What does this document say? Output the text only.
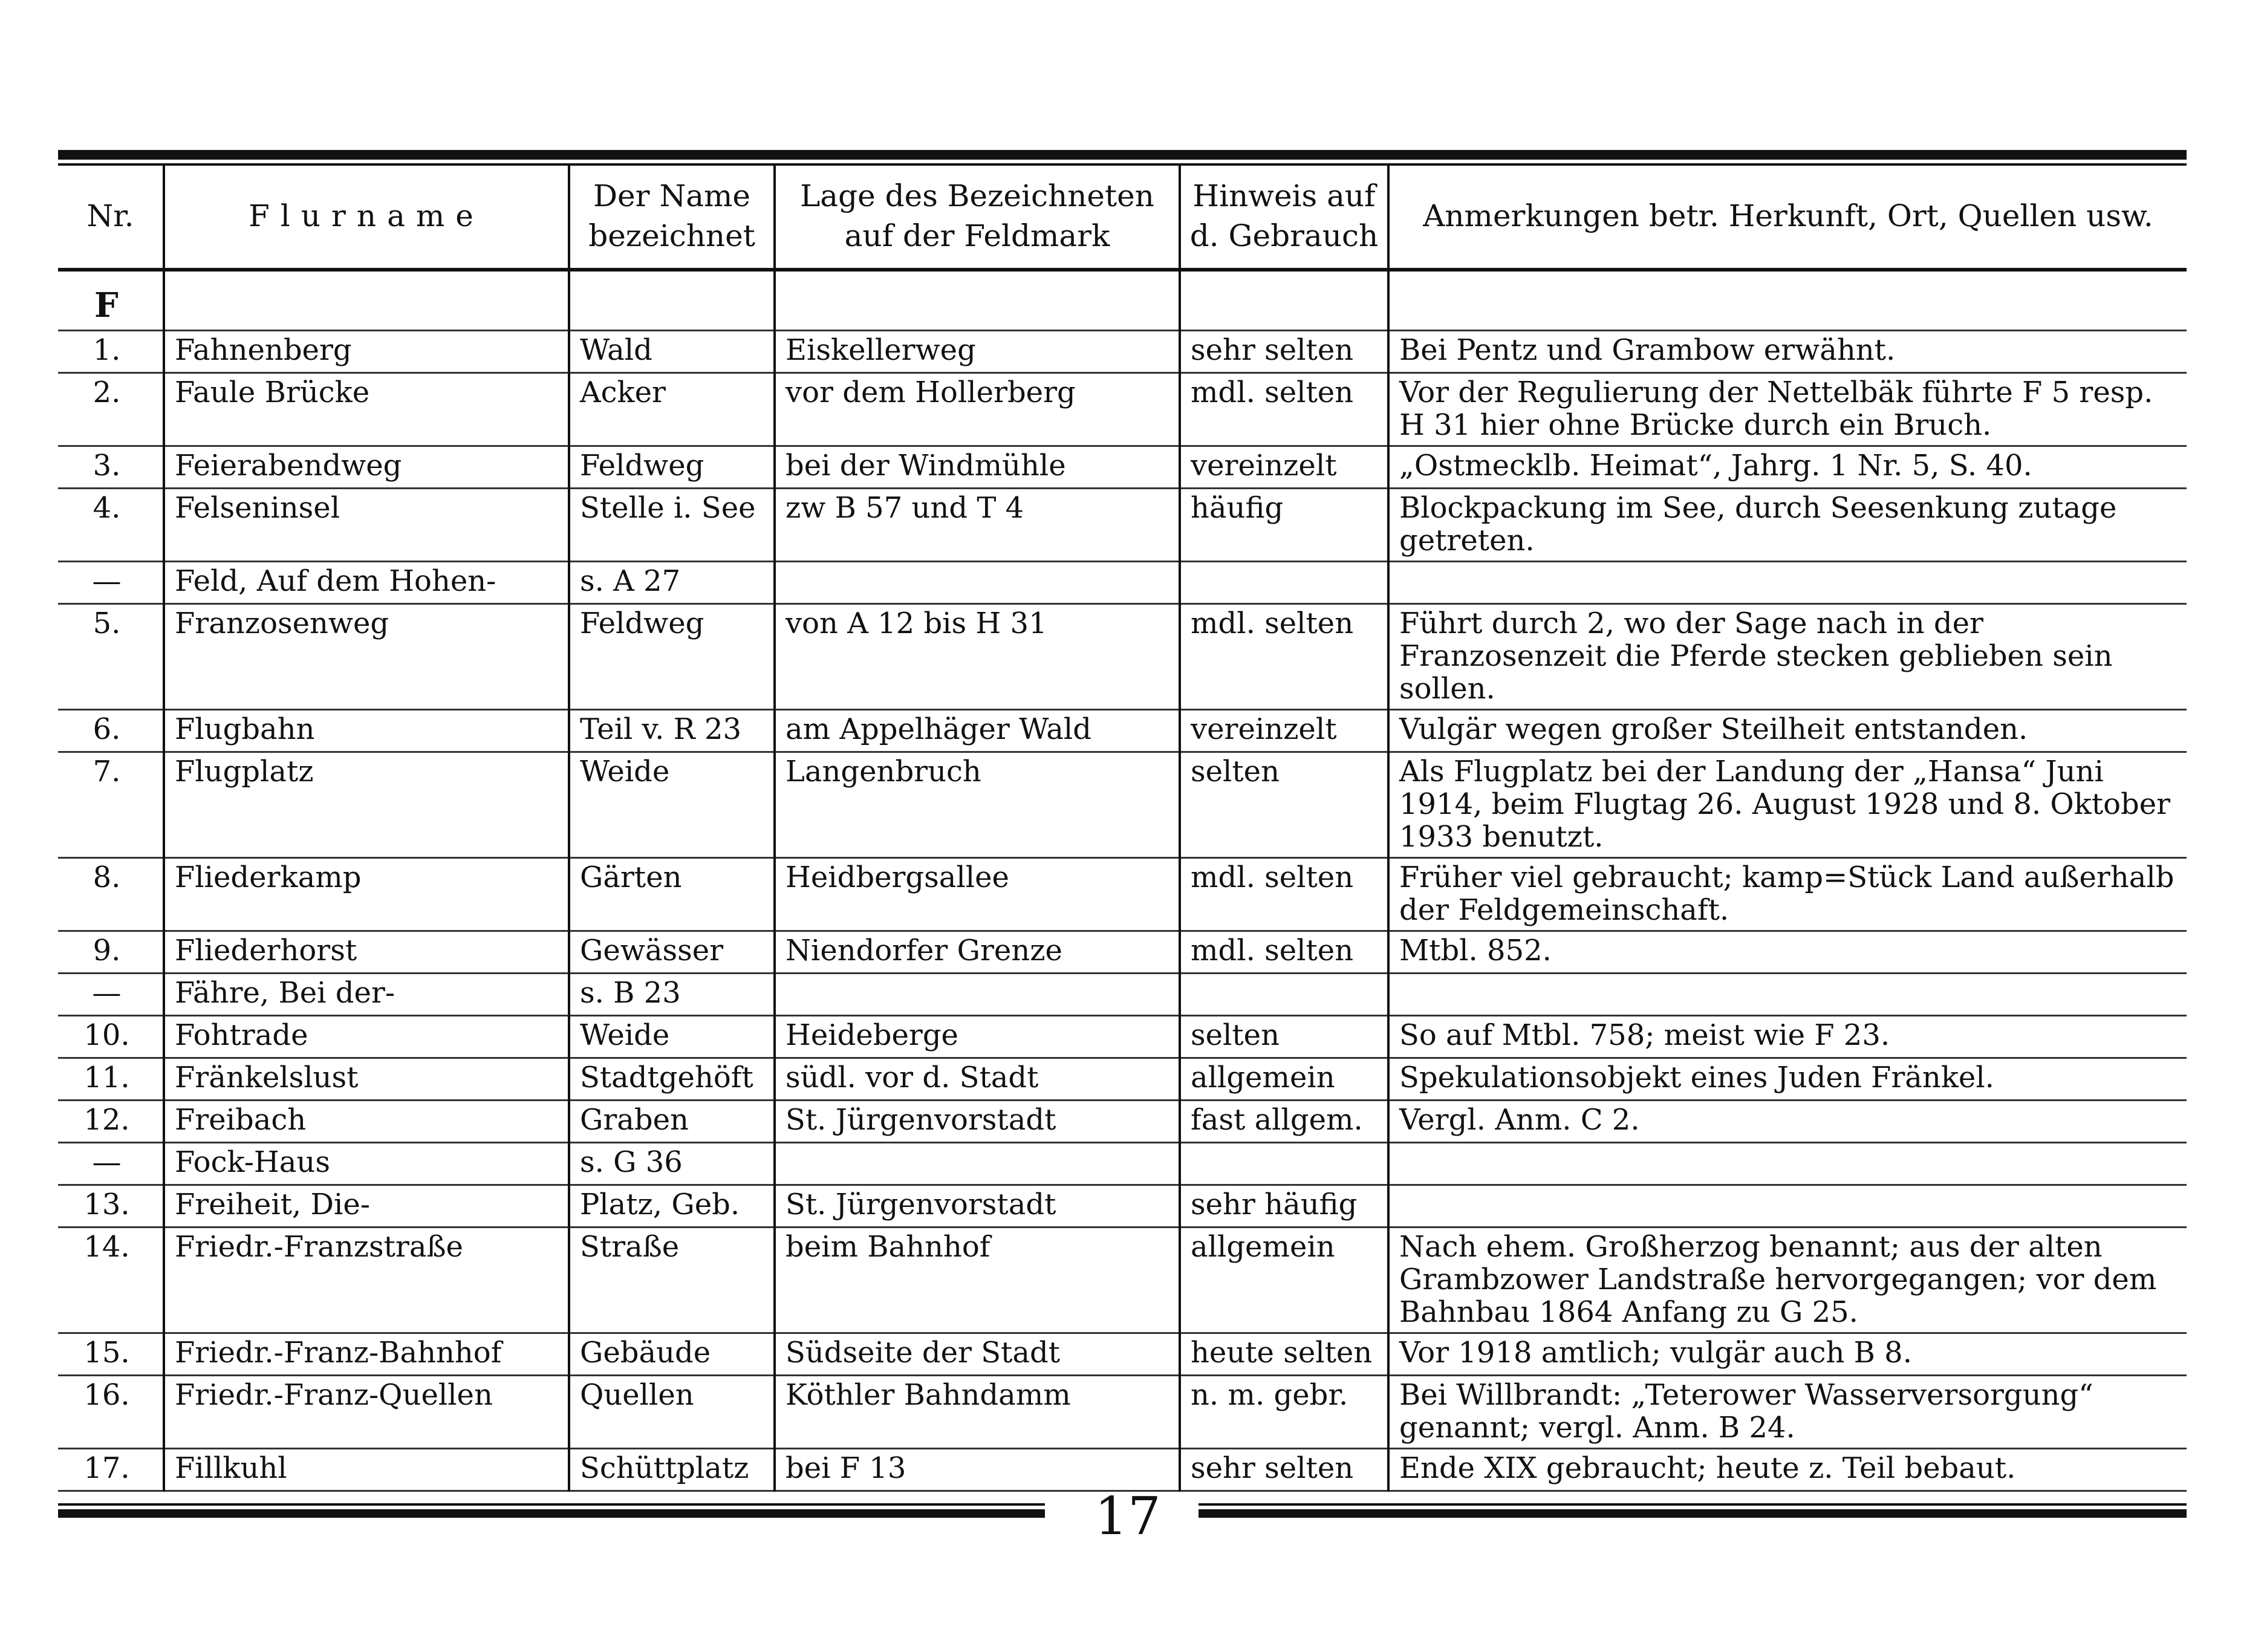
Nr.	Flurname	Der Name bezeichnet	Lage des Bezeichneten auf der Feldmark	Hinweis auf d. Gebrauch	Anmerkungen betr. Herkunft, Ort, Quellen usw.

F					
1.	Fahnenberg	Wald	Eiskellerweg	sehr selten	Bei Pentz und Grambow erwähnt.
2.	Faule Brücke	Acker	vor dem Hollerberg	mdl. selten	Vor der Regulierung der Nettelbäk führte F 5 resp. H 31 hier ohne Brücke durch ein Bruch.
3.	Feierabendweg	Feldweg	bei der Windmühle	vereinzelt	„Ostmecklb. Heimat“, Jahrg. 1 Nr. 5, S. 40.
4.	Felseninsel	Stelle i. See	zw B 57 und T 4	häufig	Blockpackung im See, durch Seesenkung zutage getreten.
—	Feld, Auf dem Hohen-	s. A 27			
5.	Franzosenweg	Feldweg	von A 12 bis H 31	mdl. selten	Führt durch 2, wo der Sage nach in der Franzosenzeit die Pferde stecken geblieben sein sollen.
6.	Flugbahn	Teil v. R 23	am Appelhäger Wald	vereinzelt	Vulgär wegen großer Steilheit entstanden.
7.	Flugplatz	Weide	Langenbruch	selten	Als Flugplatz bei der Landung der „Hansa“ Juni 1914, beim Flugtag 26. August 1928 und 8. Oktober 1933 benutzt.
8.	Fliederkamp	Gärten	Heidbergsallee	mdl. selten	Früher viel gebraucht; kamp=Stück Land außerhalb der Feldgemeinschaft.
9.	Fliederhorst	Gewässer	Niendorfer Grenze	mdl. selten	Mtbl. 852.
—	Fähre, Bei der-	s. B 23			
10.	Fohtrade	Weide	Heideberge	selten	So auf Mtbl. 758; meist wie F 23.
11.	Fränkelslust	Stadtgehöft	südl. vor d. Stadt	allgemein	Spekulationsobjekt eines Juden Fränkel.
12.	Freibach	Graben	St. Jürgenvorstadt	fast allgem.	Vergl. Anm. C 2.
—	Fock-Haus	s. G 36			
13.	Freiheit, Die-	Platz, Geb.	St. Jürgenvorstadt	sehr häufig	
14.	Friedr.-Franzstraße	Straße	beim Bahnhof	allgemein	Nach ehem. Großherzog benannt; aus der alten Grambzower Landstraße hervorgegangen; vor dem Bahnbau 1864 Anfang zu G 25.
15.	Friedr.-Franz-Bahnhof	Gebäude	Südseite der Stadt	heute selten	Vor 1918 amtlich; vulgär auch B 8.
16.	Friedr.-Franz-Quellen	Quellen	Köthler Bahndamm	n. m. gebr.	Bei Willbrandt: „Teterower Wasserversorgung“ genannt; vergl. Anm. B 24.
17.	Fillkuhl	Schüttplatz	bei F 13	sehr selten	Ende XIX gebraucht; heute z. Teil bebaut.
17
